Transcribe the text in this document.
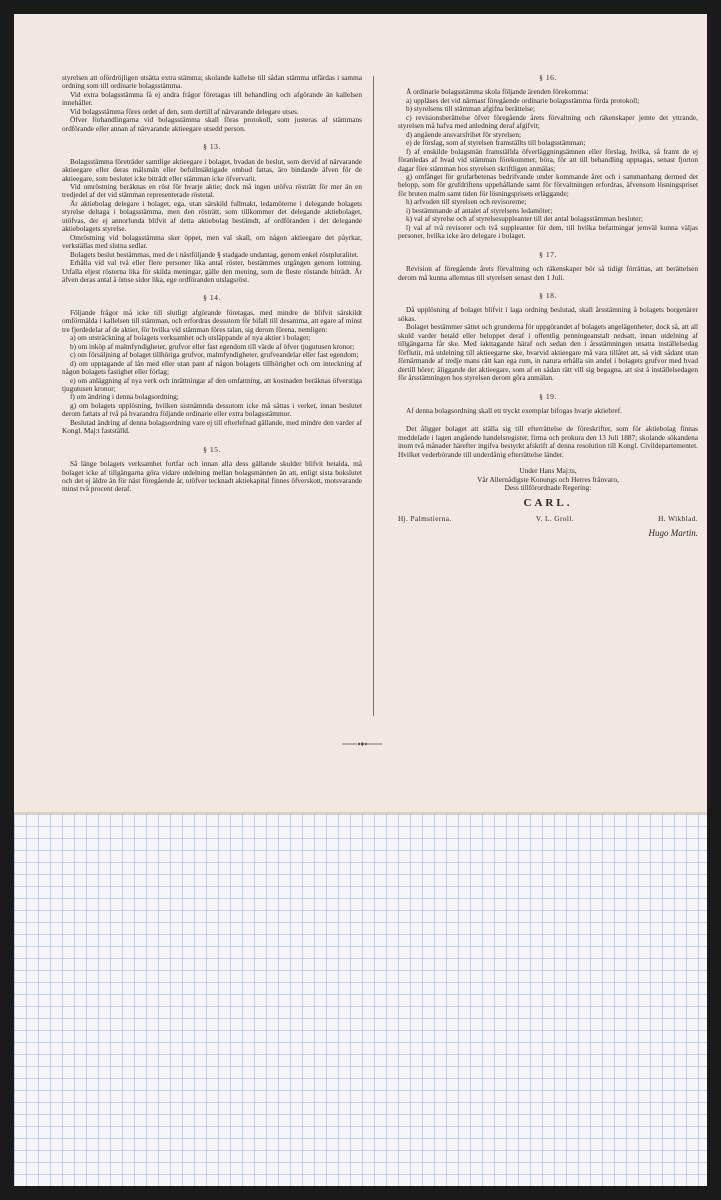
styrelsen att ofördröjligen utsätta extra stämma; skolande kallelse till sådan stämma utfärdas i samma ordning som till ordinarie bolagsstämma.

Vid extra bolagsstämma få ej andra frågor företagas till behandling och afgörande än kallelsen innehåller.

Vid bolagsstämma föres ordet af den, som dertill af närvarande delegare utses.

Öfver förhandlingarna vid bolagsstämma skall föras protokoll, som justeras af stämmans ordförande eller annan af närvarande aktieegare utsedd person.

§ 13.

Bolagsstämma företräder samtlige aktieegare i bolaget, hvadan de beslut, som dervid af närvarande aktieegare eller deras målsmän eller befullmäktigade ombud fattas, äro bindande äfven för de aktieegare, som beslutet icke biträdt eller stämman icke öfvervarit.

Vid omröstning beräknas en röst för hvarje aktie; dock må ingen utöfva rösträtt för mer än en tredjedel af det vid stämman representerade röstetal.

Är aktiebolag delegare i bolaget, ega, utan särskild fullmakt, ledamöterne i delegande bolagets styrelse deltaga i bolagsstämma, men den rösträtt, som tillkommer det delegande aktiebolaget, utöfvas, der ej annorlunda blifvit af detta aktiebolag bestämdt, af ordföranden i det delegande aktiebolagets styrelse.

Omröstning vid bolagsstämma sker öppet, men val skall, om någon aktieegare det påyrkar, verkställas med slutna sedlar.

Bolagets beslut bestämmas, med de i nästföljande § stadgade undantag, genom enkel röstpluralitet.

Erhålla vid val två eller flere personer lika antal röster, bestämmes utgången genom lottning. Utfalla eljest rösterna lika för skilda meningar, gälle den mening, som de fleste röstande biträdt. Är äfven deras antal å ömse sidor lika, ege ordföranden utslagsröst.

§ 14.

Följande frågor må icke till slutligt afgörande företagas, med mindre de blifvit särskildt omförmälda i kallelsen till stämman, och erfordras dessutom för bifall till desamma, att egare af minst tre fjerdedelar af de aktier, för hvilka vid stämman föres talan, sig derom förena, nemligen:

a) om utsträckning af bolagets verksamhet och utsläppande af nya aktier i bolaget;

b) om inköp af malmfyndigheter, grufvor eller fast egendom till värde af öfver tjugutusen kronor;

c) om försäljning af bolaget tillhöriga grufvor, malmfyndigheter, grufveandelar eller fast egendom;

d) om upptagande af lån med eller utan pant af någon bolagets tillhörighet och om inteckning af någon bolagets fastighet eller förlag;

e) om anläggning af nya verk och inrättningar af den omfattning, att kostnaden beräknas öfverstiga tjugutusen kronor;

f) om ändring i denna bolagsordning;

g) om bolagets upplösning, hvilken sistnämnda dessutom icke må sättas i verket, innan beslutet derom fattats af två på hvarandra följande ordinarie eller extra bolagsstämmor.

Beslutad ändring af denna bolagsordning vare ej till efterlefnad gällande, med mindre den varder af Kongl. Maj:t fastställd.

§ 15.

Så länge bolagets verksamhet fortfar och innan alla dess gällande skulder blifvit betalda, må bolaget icke af tillgängarna göra vidare utdelning mellan bolagsmännen än att, enligt sista bokslutet och det ej äldre än för näst föregående år, utöfver tecknadt aktiekapital finnes öfverskott, motsvarande minst två procent deraf.

§ 16.

Å ordinarie bolagsstämma skola följande ärenden förekomma:

a) uppläses det vid närmast föregående ordinarie bolagsstämma förda protokoll;

b) styrelsens till stämman afgifna berättelse;

c) revisionsberättelse öfver föregående årets förvaltning och räkenskaper jemte det yttrande, styrelsen må hafva med anledning deraf afgifvit;

d) angående ansvarsfrihet för styrelsen;

e) de förslag, som af styrelsen framställts till bolagsstämman;

f) af enskilde bolagsmän framställda öfverläggningsämnen eller förslag, hvilka, så framt de ej föranledas af hvad vid stämman förekommer, böra, för att till behandling upptagas, senast fjorton dagar före stämman hos styrelsen skriftligen anmälas;

g) omfånget för grufarbetenas bedrifvande under kommande året och i sammanhang dermed det belopp, som för grufdriftens uppehållande samt för förvaltningen erfordras, äfvensom lösningspriset för bruten malm samt tiden för lösningsprisets erläggande;

h) arfvoden till styrelsen och revisorerne;

i) bestämmande af antalet af styrelsens ledamöter;

k) val af styrelse och af styrelsesuppleanter till det antal bolagsstämman besluter;

l) val af två revisorer och två suppleanter för dem, till hvilka befattningar jemväl kunna väljas personer, hvilka icke äro delegare i bolaget.

§ 17.

Revision af föregående årets förvaltning och räkenskaper bör så tidigt förrättas, att berättelsen derom må kunna allemnas till styrelsen senast den 1 Juli.

§ 18.

Då upplösning af bolaget blifvit i laga ordning beslutad, skall årsstämning å bolagets borgenärer sökas.

Bolaget bestämmer sättet och grunderna för uppgörandet af bolagets angelägenheter; dock så, att all skuld varder betald eller beloppet deraf i offentlig penningeanstalt nedsatt, innan utdelning af tillgängarna får ske. Med iakttagande häraf och sedan den i årsstämningen utsatta inställelsedag förflutit, må utdelning till aktieegarne ske, hvarvid aktieegare må vara tillåtet att, så vidt sådant utan förnärmande af tredje mans rätt kan ega rum, in natura erhålla sin andel i bolagets grufvor med hvad dertill hörer; åliggande det aktieegare, som af en sådan rätt vill sig begagna, att sist å inställelsedagen för årsstämningen hos styrelsen derom göra anmälan.

§ 19.

Af denna bolagsordning skall ett tryckt exemplar bifogas hvarje aktiebref.

Det åligger bolaget att ställa sig till efterrättelse de föreskrifter, som för aktiebolag finnas meddelade i lagen angående handelsregister, firma och prokura den 13 Juli 1887; skolande sökandena inom två månader härefter ingifva bestyrkt afskrift af denna resolution till Kongl. Civildepartementet. Hvilket vederbörande till underdånig efterrättelse länder.

Under Hans Maj:ts,

Vår Allernådigste Konungs och Herres frånvaro,

Dess tillförordnade Regering:

CARL.
Hj. Palmstierna.	V. L. Groll.	H. Wikblad.
Hugo Martin.
